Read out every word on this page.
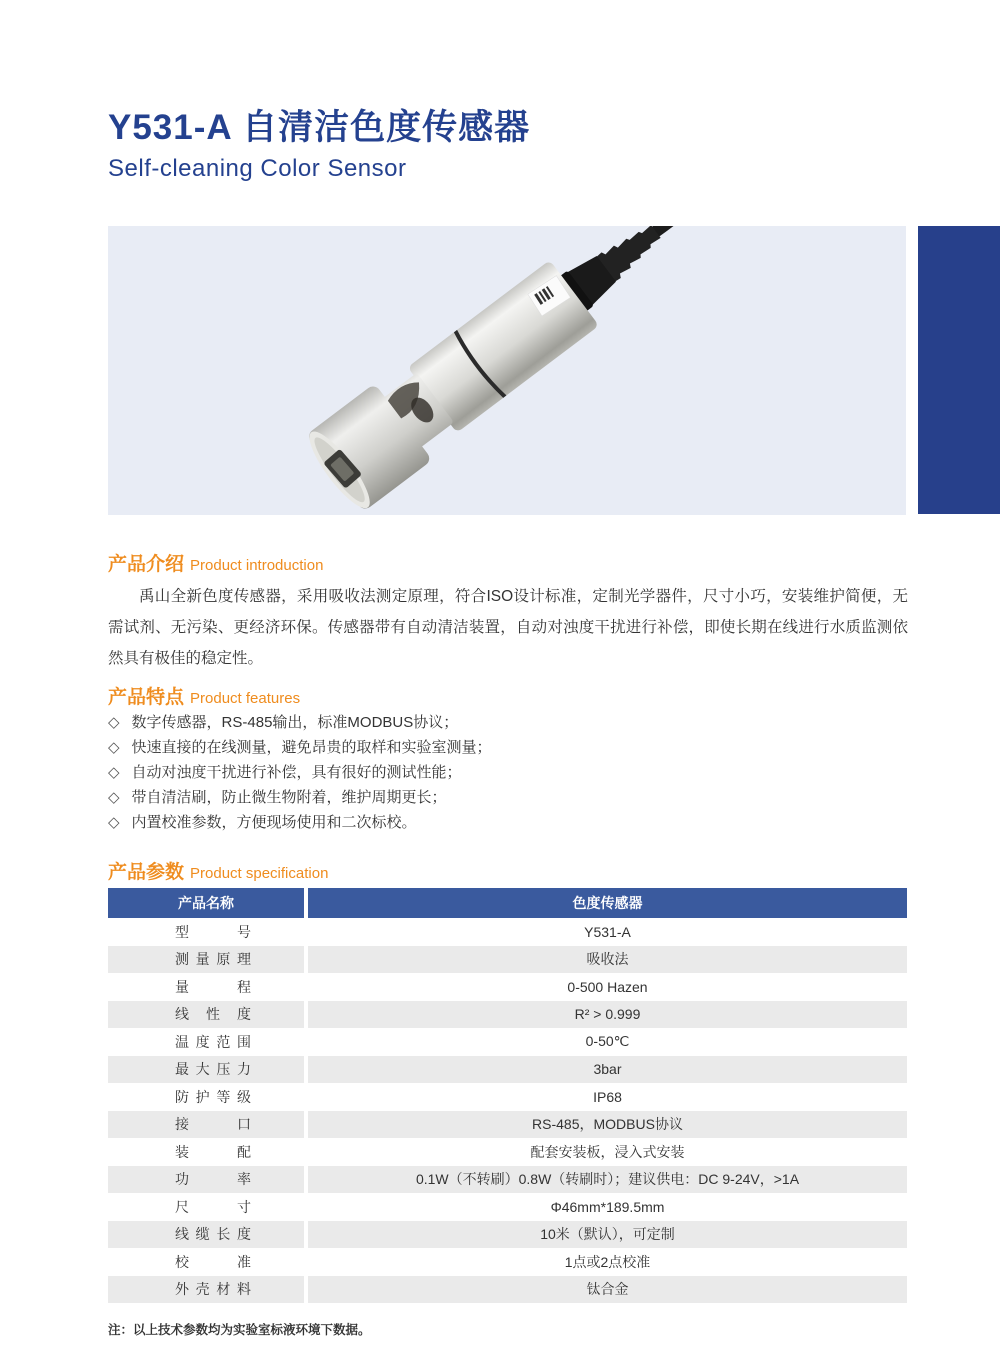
Y531-A 自清洁色度传感器
Self-cleaning Color Sensor
产品介绍 Product introduction
禹山全新色度传感器，采用吸收法测定原理，符合ISO设计标准，定制光学器件，尺寸小巧，安装维护简便，无需试剂、无污染、更经济环保。传感器带有自动清洁装置，自动对浊度干扰进行补偿，即使长期在线进行水质监测依然具有极佳的稳定性。
产品特点 Product features
◇ 数字传感器，RS-485输出，标准MODBUS协议；
◇ 快速直接的在线测量，避免昂贵的取样和实验室测量；
◇ 自动对浊度干扰进行补偿，具有很好的测试性能；
◇ 带自清洁刷，防止微生物附着，维护周期更长；
◇ 内置校准参数，方便现场使用和二次标校。
产品参数 Product specification
产品名称	色度传感器
型　号	Y531-A
测量原理	吸收法
量　程	0-500 Hazen
线 性 度	R² > 0.999
温度范围	0-50℃
最大压力	3bar
防护等级	IP68
接　口	RS-485，MODBUS协议
装　配	配套安装板，浸入式安装
功　率	0.1W（不转刷）0.8W（转刷时）；建议供电：DC 9-24V，>1A
尺　寸	Φ46mm*189.5mm
线缆长度	10米（默认），可定制
校　准	1点或2点校准
外壳材料	钛合金
注：以上技术参数均为实验室标液环境下数据。
